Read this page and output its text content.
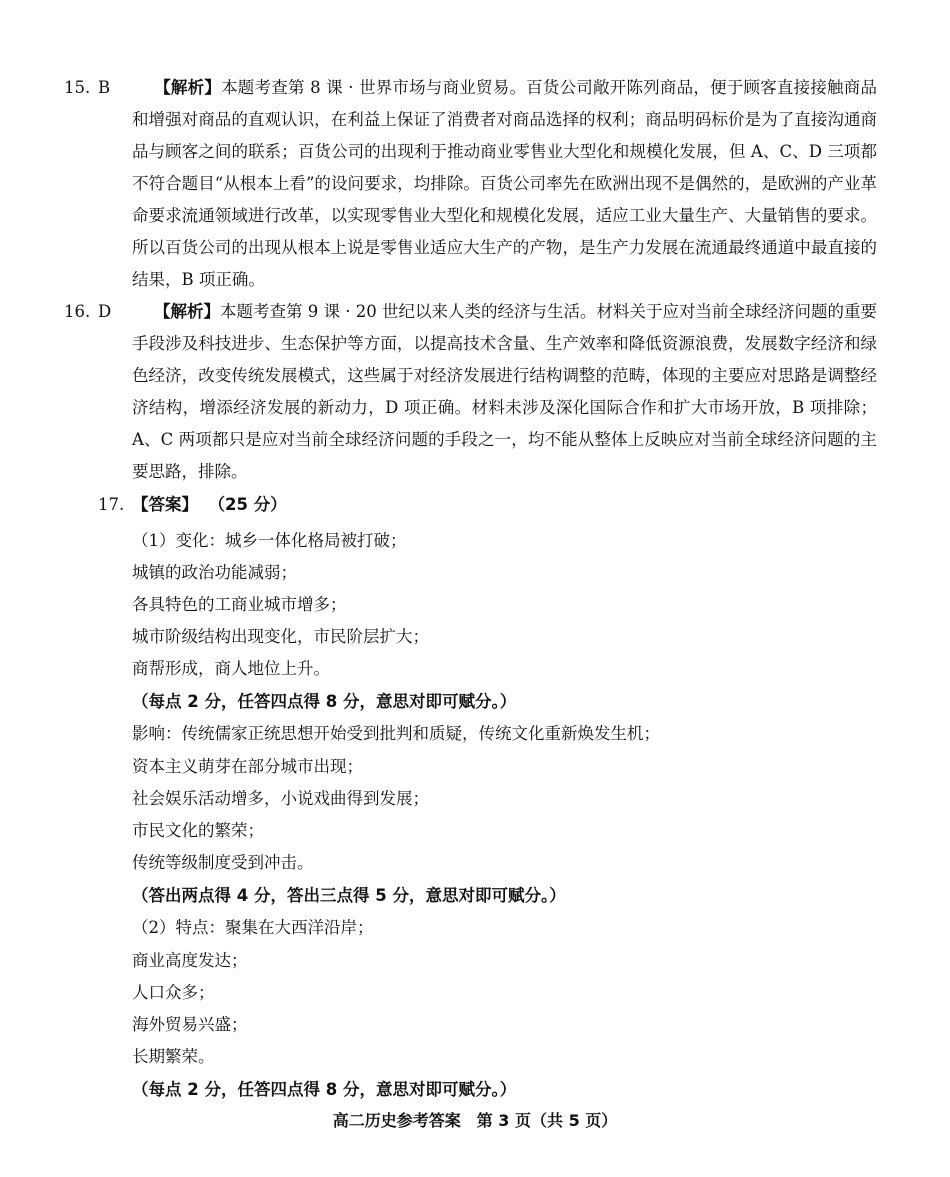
15. B	【解析】本题考查第 8 课 · 世界市场与商业贸易。百货公司敞开陈列商品，便于顾客直接接触商品和增强对商品的直观认识，在利益上保证了消费者对商品选择的权利；商品明码标价是为了直接沟通商品与顾客之间的联系；百货公司的出现利于推动商业零售业大型化和规模化发展，但 A、C、D 三项都不符合题目“从根本上看”的设问要求，均排除。百货公司率先在欧洲出现不是偶然的，是欧洲的产业革命要求流通领域进行改革，以实现零售业大型化和规模化发展，适应工业大量生产、大量销售的要求。所以百货公司的出现从根本上说是零售业适应大生产的产物，是生产力发展在流通最终通道中最直接的结果，B 项正确。
16. D	【解析】本题考查第 9 课 · 20 世纪以来人类的经济与生活。材料关于应对当前全球经济问题的重要手段涉及科技进步、生态保护等方面，以提高技术含量、生产效率和降低资源浪费，发展数字经济和绿色经济，改变传统发展模式，这些属于对经济发展进行结构调整的范畴，体现的主要应对思路是调整经济结构，增添经济发展的新动力，D 项正确。材料未涉及深化国际合作和扩大市场开放，B 项排除；A、C 两项都只是应对当前全球经济问题的手段之一，均不能从整体上反映应对当前全球经济问题的主要思路，排除。
17. 【答案】 （25 分）
（1）变化：城乡一体化格局被打破；
城镇的政治功能减弱；
各具特色的工商业城市增多；
城市阶级结构出现变化，市民阶层扩大；
商帮形成，商人地位上升。
（每点 2 分，任答四点得 8 分，意思对即可赋分。）
影响：传统儒家正统思想开始受到批判和质疑，传统文化重新焕发生机；
资本主义萌芽在部分城市出现；
社会娱乐活动增多，小说戏曲得到发展；
市民文化的繁荣；
传统等级制度受到冲击。
（答出两点得 4 分，答出三点得 5 分，意思对即可赋分。）
（2）特点：聚集在大西洋沿岸；
商业高度发达；
人口众多；
海外贸易兴盛；
长期繁荣。
（每点 2 分，任答四点得 8 分，意思对即可赋分。）
高二历史参考答案　第 3 页（共 5 页）
